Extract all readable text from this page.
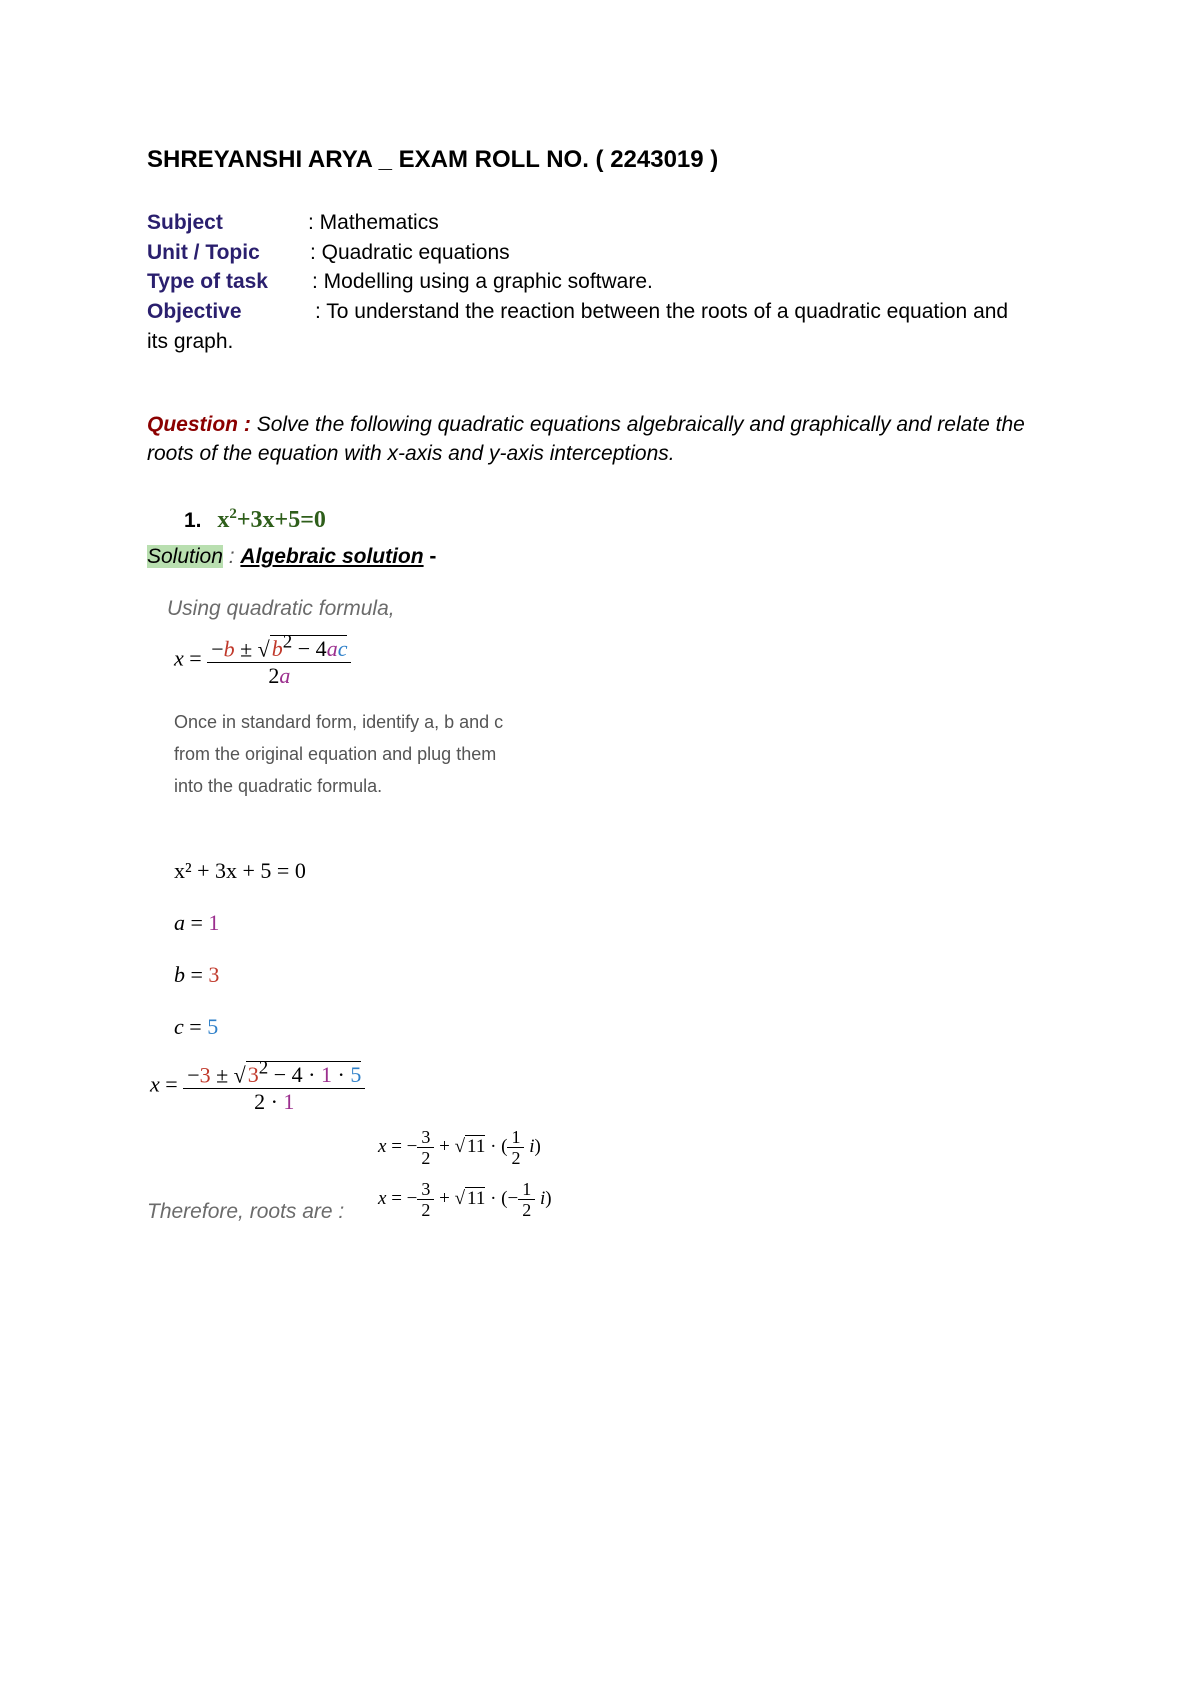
SHREYANSHI ARYA _ EXAM ROLL NO. ( 2243019 )
Subject	: Mathematics
Unit / Topic : Quadratic equations
Type of task : Modelling using a graphic software.
Objective	: To understand the reaction between the roots of a quadratic equation and
its graph.
Question : Solve the following quadratic equations algebraically and graphically and relate the roots of the equation with x-axis and y-axis interceptions.
1. $x^2+3x+5=0$
Solution : Algebraic solution -
Using quadratic formula,
$x = \frac{-b \pm √b^2 - 4ac}{2a}$
Once in standard form, identify a, b and c from the original equation and plug them into the quadratic formula.
x² + 3x + 5 = 0
a = 1
b = 3
c = 5
$x = \frac{-3 \pm √3^2 - 4 \cdot 1 \cdot 5}{2 \cdot 1}$
x = − $\frac{3}{2}$ + √ 11 · ( $\frac{1}{2} i$)
x = − $\frac{3}{2}$ + √ 11 · (− $\frac{1}{2} i$)
Therefore, roots are :
